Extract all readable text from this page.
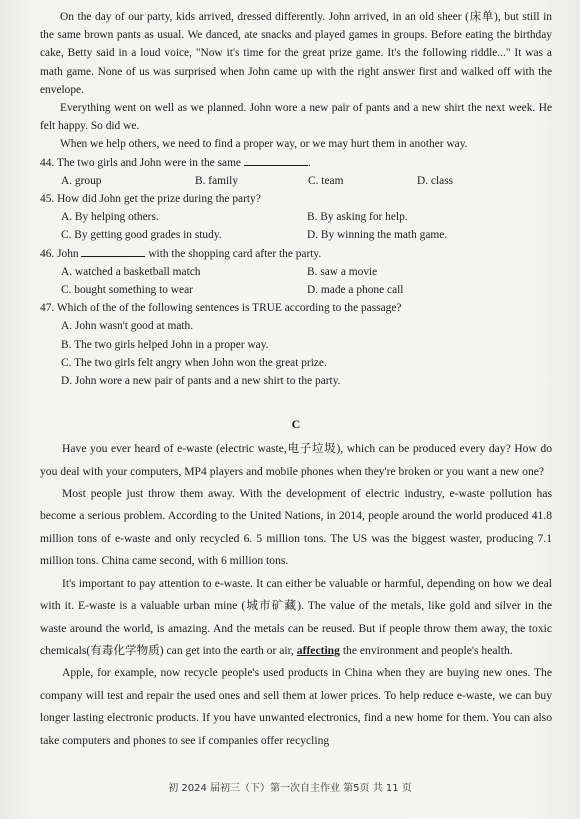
On the day of our party, kids arrived, dressed differently. John arrived, in an old sheer (床单), but still in the same brown pants as usual. We danced, ate snacks and played games in groups. Before eating the birthday cake, Betty said in a loud voice, "Now it's time for the great prize game. It's the following riddle..." It was a math game. None of us was surprised when John came up with the right answer first and walked off with the envelope.

Everything went on well as we planned. John wore a new pair of pants and a new shirt the next week. He felt happy. So did we.

When we help others, we need to find a proper way, or we may hurt them in another way.

44. The two girls and John were in the same	.
A. group	B. family	C. team	D. class
45. How did John get the prize during the party?
A. By helping others.	B. By asking for help.
C. By getting good grades in study.	D. By winning the math game.
46. John	with the shopping card after the party.
A. watched a basketball match	B. saw a movie
C. bought something to wear	D. made a phone call
47. Which of the of the following sentences is TRUE according to the passage?
A. John wasn't good at math.
B. The two girls helped John in a proper way.
C. The two girls felt angry when John won the great prize.
D. John wore a new pair of pants and a new shirt to the party.
C

Have you ever heard of e-waste (electric waste,电子垃圾), which can be produced every day? How do you deal with your computers, MP4 players and mobile phones when they're broken or you want a new one?

Most people just throw them away. With the development of electric industry, e-waste pollution has become a serious problem. According to the United Nations, in 2014, people around the world produced 41.8 million tons of e-waste and only recycled 6. 5 million tons. The US was the biggest waster, producing 7.1 million tons. China came second, with 6 million tons.

It's important to pay attention to e-waste. It can either be valuable or harmful, depending on how we deal with it. E-waste is a valuable urban mine (城市矿藏). The value of the metals, like gold and silver in the waste around the world, is amazing. And the metals can be reused. But if people throw them away, the toxic chemicals(有毒化学物质) can get into the earth or air, affecting the environment and people's health.

Apple, for example, now recycle people's used products in China when they are buying new ones. The company will test and repair the used ones and sell them at lower prices. To help reduce e-waste, we can buy longer lasting electronic products. If you have unwanted electronics, find a new home for them. You can also take computers and phones to see if companies offer recycling

初 2024 届初三（下）第一次自主作业 第5页 共 11 页
